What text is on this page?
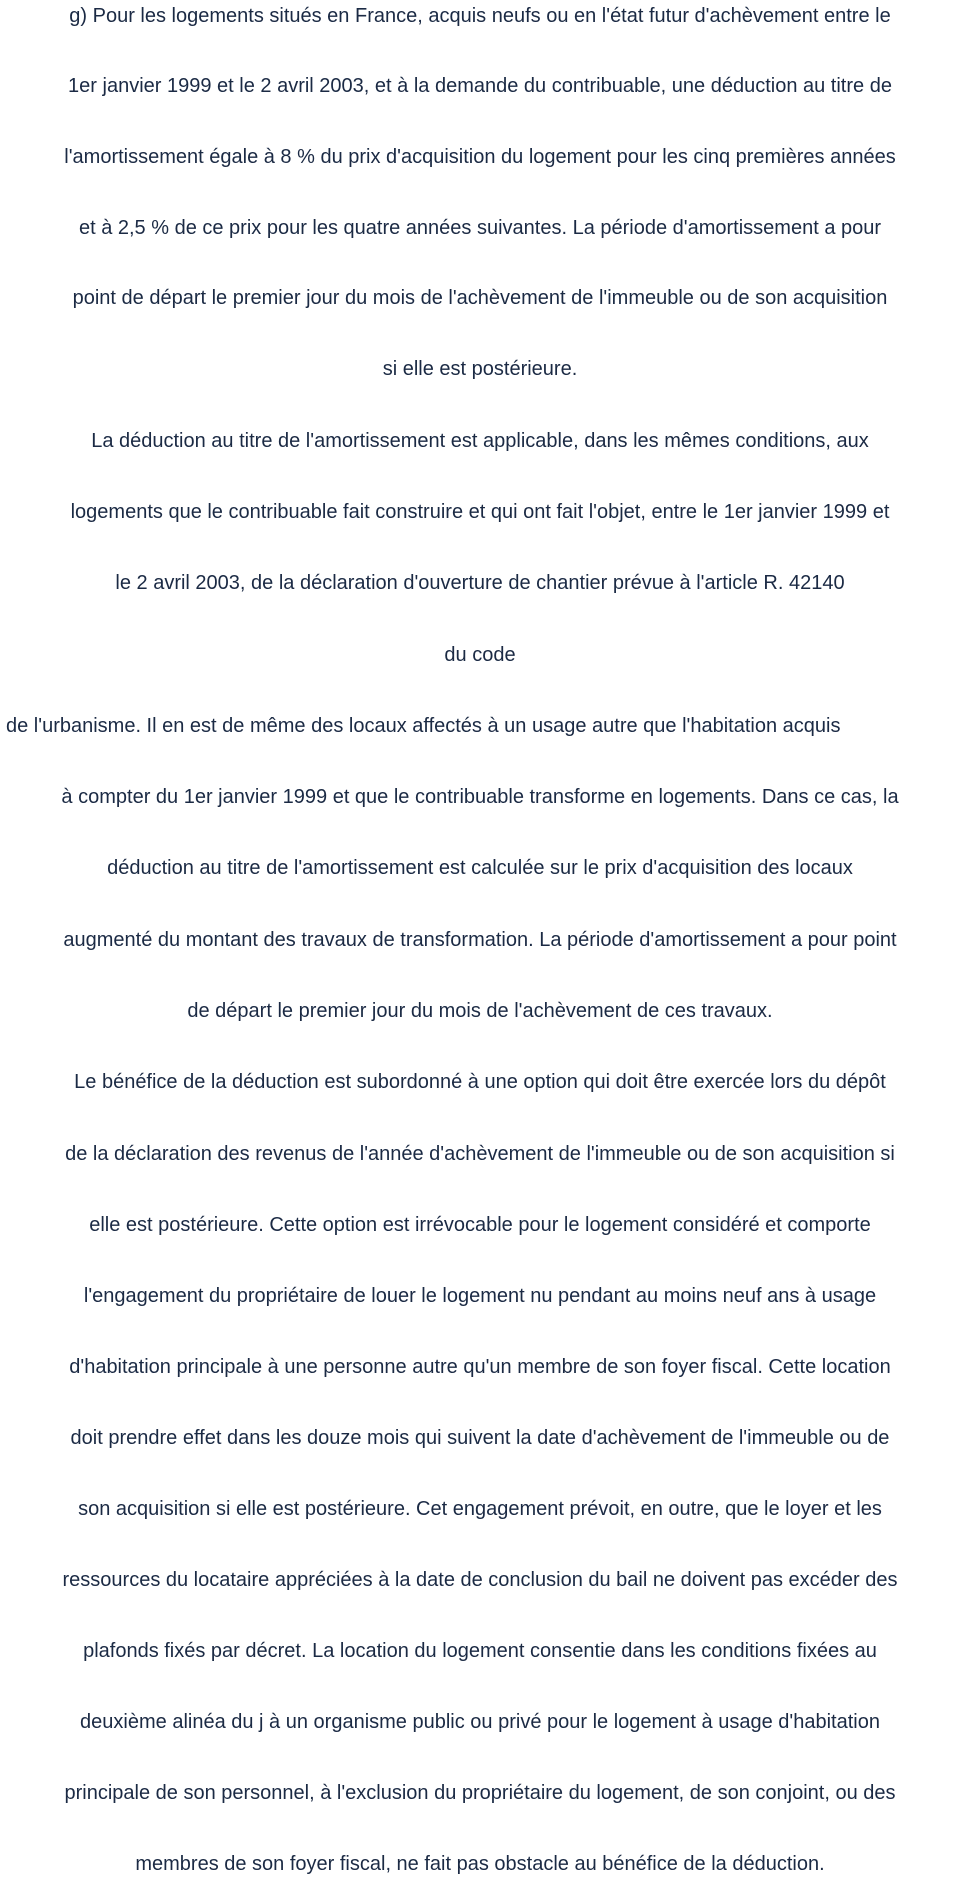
g) Pour les logements situés en France, acquis neufs ou en l'état futur d'achèvement entre le

1er janvier 1999 et le 2 avril 2003, et à la demande du contribuable, une déduction au titre de

l'amortissement égale à 8 % du prix d'acquisition du logement pour les cinq premières années

et à 2,5 % de ce prix pour les quatre années suivantes. La période d'amortissement a pour

point de départ le premier jour du mois de l'achèvement de l'immeuble ou de son acquisition

si elle est postérieure.

La déduction au titre de l'amortissement est applicable, dans les mêmes conditions, aux

logements que le contribuable fait construire et qui ont fait l'objet, entre le 1er janvier 1999 et

le 2 avril 2003, de la déclaration d'ouverture de chantier prévue à l'article R. 42140

du code

de l'urbanisme. Il en est de même des locaux affectés à un usage autre que l'habitation acquis

à compter du 1er janvier 1999 et que le contribuable transforme en logements. Dans ce cas, la

déduction au titre de l'amortissement est calculée sur le prix d'acquisition des locaux

augmenté du montant des travaux de transformation. La période d'amortissement a pour point

de départ le premier jour du mois de l'achèvement de ces travaux.

Le bénéfice de la déduction est subordonné à une option qui doit être exercée lors du dépôt

de la déclaration des revenus de l'année d'achèvement de l'immeuble ou de son acquisition si

elle est postérieure. Cette option est irrévocable pour le logement considéré et comporte

l'engagement du propriétaire de louer le logement nu pendant au moins neuf ans à usage

d'habitation principale à une personne autre qu'un membre de son foyer fiscal. Cette location

doit prendre effet dans les douze mois qui suivent la date d'achèvement de l'immeuble ou de

son acquisition si elle est postérieure. Cet engagement prévoit, en outre, que le loyer et les

ressources du locataire appréciées à la date de conclusion du bail ne doivent pas excéder des

plafonds fixés par décret. La location du logement consentie dans les conditions fixées au

deuxième alinéa du j à un organisme public ou privé pour le logement à usage d'habitation

principale de son personnel, à l'exclusion du propriétaire du logement, de son conjoint, ou des

membres de son foyer fiscal, ne fait pas obstacle au bénéfice de la déduction.
